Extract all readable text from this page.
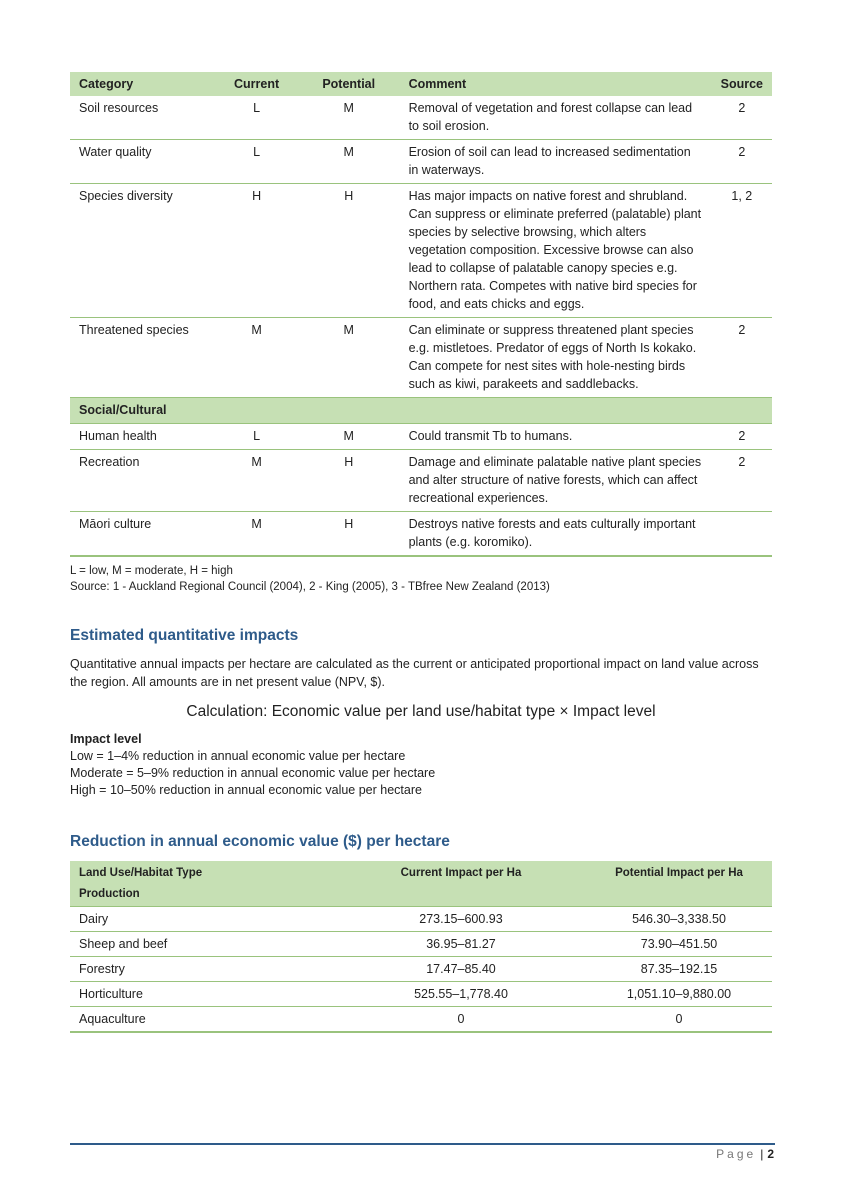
Category	Current	Potential	Comment	Source
Soil resources	L	M	Removal of vegetation and forest collapse can lead to soil erosion.	2
Water quality	L	M	Erosion of soil can lead to increased sedimentation in waterways.	2
Species diversity	H	H	Has major impacts on native forest and shrubland. Can suppress or eliminate preferred (palatable) plant species by selective browsing, which alters vegetation composition. Excessive browse can also lead to collapse of palatable canopy species e.g. Northern rata. Competes with native bird species for food, and eats chicks and eggs.	1, 2
Threatened species	M	M	Can eliminate or suppress threatened plant species e.g. mistletoes. Predator of eggs of North Is kokako. Can compete for nest sites with hole-nesting birds such as kiwi, parakeets and saddlebacks.	2
Social/Cultural				
Human health	L	M	Could transmit Tb to humans.	2
Recreation	M	H	Damage and eliminate palatable native plant species and alter structure of native forests, which can affect recreational experiences.	2
Māori culture	M	H	Destroys native forests and eats culturally important plants (e.g. koromiko).	
L = low, M = moderate, H = high
Source: 1 - Auckland Regional Council (2004), 2 - King (2005), 3 - TBfree New Zealand (2013)
Estimated quantitative impacts

Quantitative annual impacts per hectare are calculated as the current or anticipated proportional impact on land value across the region. All amounts are in net present value (NPV, $).

Calculation: Economic value per land use/habitat type × Impact level
Impact level
Low = 1–4% reduction in annual economic value per hectare
Moderate = 5–9% reduction in annual economic value per hectare
High = 10–50% reduction in annual economic value per hectare
Reduction in annual economic value ($) per hectare
Land Use/Habitat Type	Current Impact per Ha	Potential Impact per Ha
Production		
Dairy	273.15–600.93	546.30–3,338.50
Sheep and beef	36.95–81.27	73.90–451.50
Forestry	17.47–85.40	87.35–192.15
Horticulture	525.55–1,778.40	1,051.10–9,880.00
Aquaculture	0	0
Page | 2
